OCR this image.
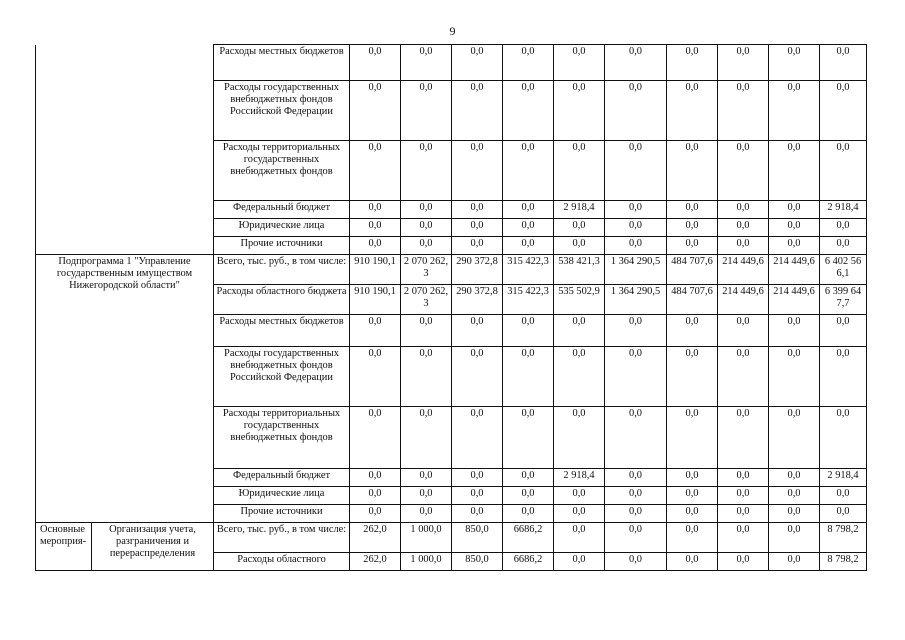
9
		Расходы местных бюджетов	0,0	0,0	0,0	0,0	0,0	0,0	0,0	0,0	0,0	0,0
		Расходы государственных внебюджетных фондов Российской Федерации	0,0	0,0	0,0	0,0	0,0	0,0	0,0	0,0	0,0	0,0
		Расходы территориальных государственных внебюджетных фондов	0,0	0,0	0,0	0,0	0,0	0,0	0,0	0,0	0,0	0,0
		Федеральный бюджет	0,0	0,0	0,0	0,0	2 918,4	0,0	0,0	0,0	0,0	2 918,4
		Юридические лица	0,0	0,0	0,0	0,0	0,0	0,0	0,0	0,0	0,0	0,0
		Прочие источники	0,0	0,0	0,0	0,0	0,0	0,0	0,0	0,0	0,0	0,0
Подпрограмма 1 "Управление государственным имуществом Нижегородской области"		Всего, тыс. руб., в том числе:	910 190,1	2 070 262,3	290 372,8	315 422,3	538 421,3	1 364 290,5	484 707,6	214 449,6	214 449,6	6 402 566,1
		Расходы областного бюджета	910 190,1	2 070 262,3	290 372,8	315 422,3	535 502,9	1 364 290,5	484 707,6	214 449,6	214 449,6	6 399 647,7
		Расходы местных бюджетов	0,0	0,0	0,0	0,0	0,0	0,0	0,0	0,0	0,0	0,0
		Расходы государственных внебюджетных фондов Российской Федерации	0,0	0,0	0,0	0,0	0,0	0,0	0,0	0,0	0,0	0,0
		Расходы территориальных государственных внебюджетных фондов	0,0	0,0	0,0	0,0	0,0	0,0	0,0	0,0	0,0	0,0
		Федеральный бюджет	0,0	0,0	0,0	0,0	2 918,4	0,0	0,0	0,0	0,0	2 918,4
		Юридические лица	0,0	0,0	0,0	0,0	0,0	0,0	0,0	0,0	0,0	0,0
		Прочие источники	0,0	0,0	0,0	0,0	0,0	0,0	0,0	0,0	0,0	0,0
Основные мероприя-	Организация учета, разграничения и перераспределения	Всего, тыс. руб., в том числе:	262,0	1 000,0	850,0	6686,2	0,0	0,0	0,0	0,0	0,0	8 798,2
		Расходы областного	262,0	1 000,0	850,0	6686,2	0,0	0,0	0,0	0,0	0,0	8 798,2
